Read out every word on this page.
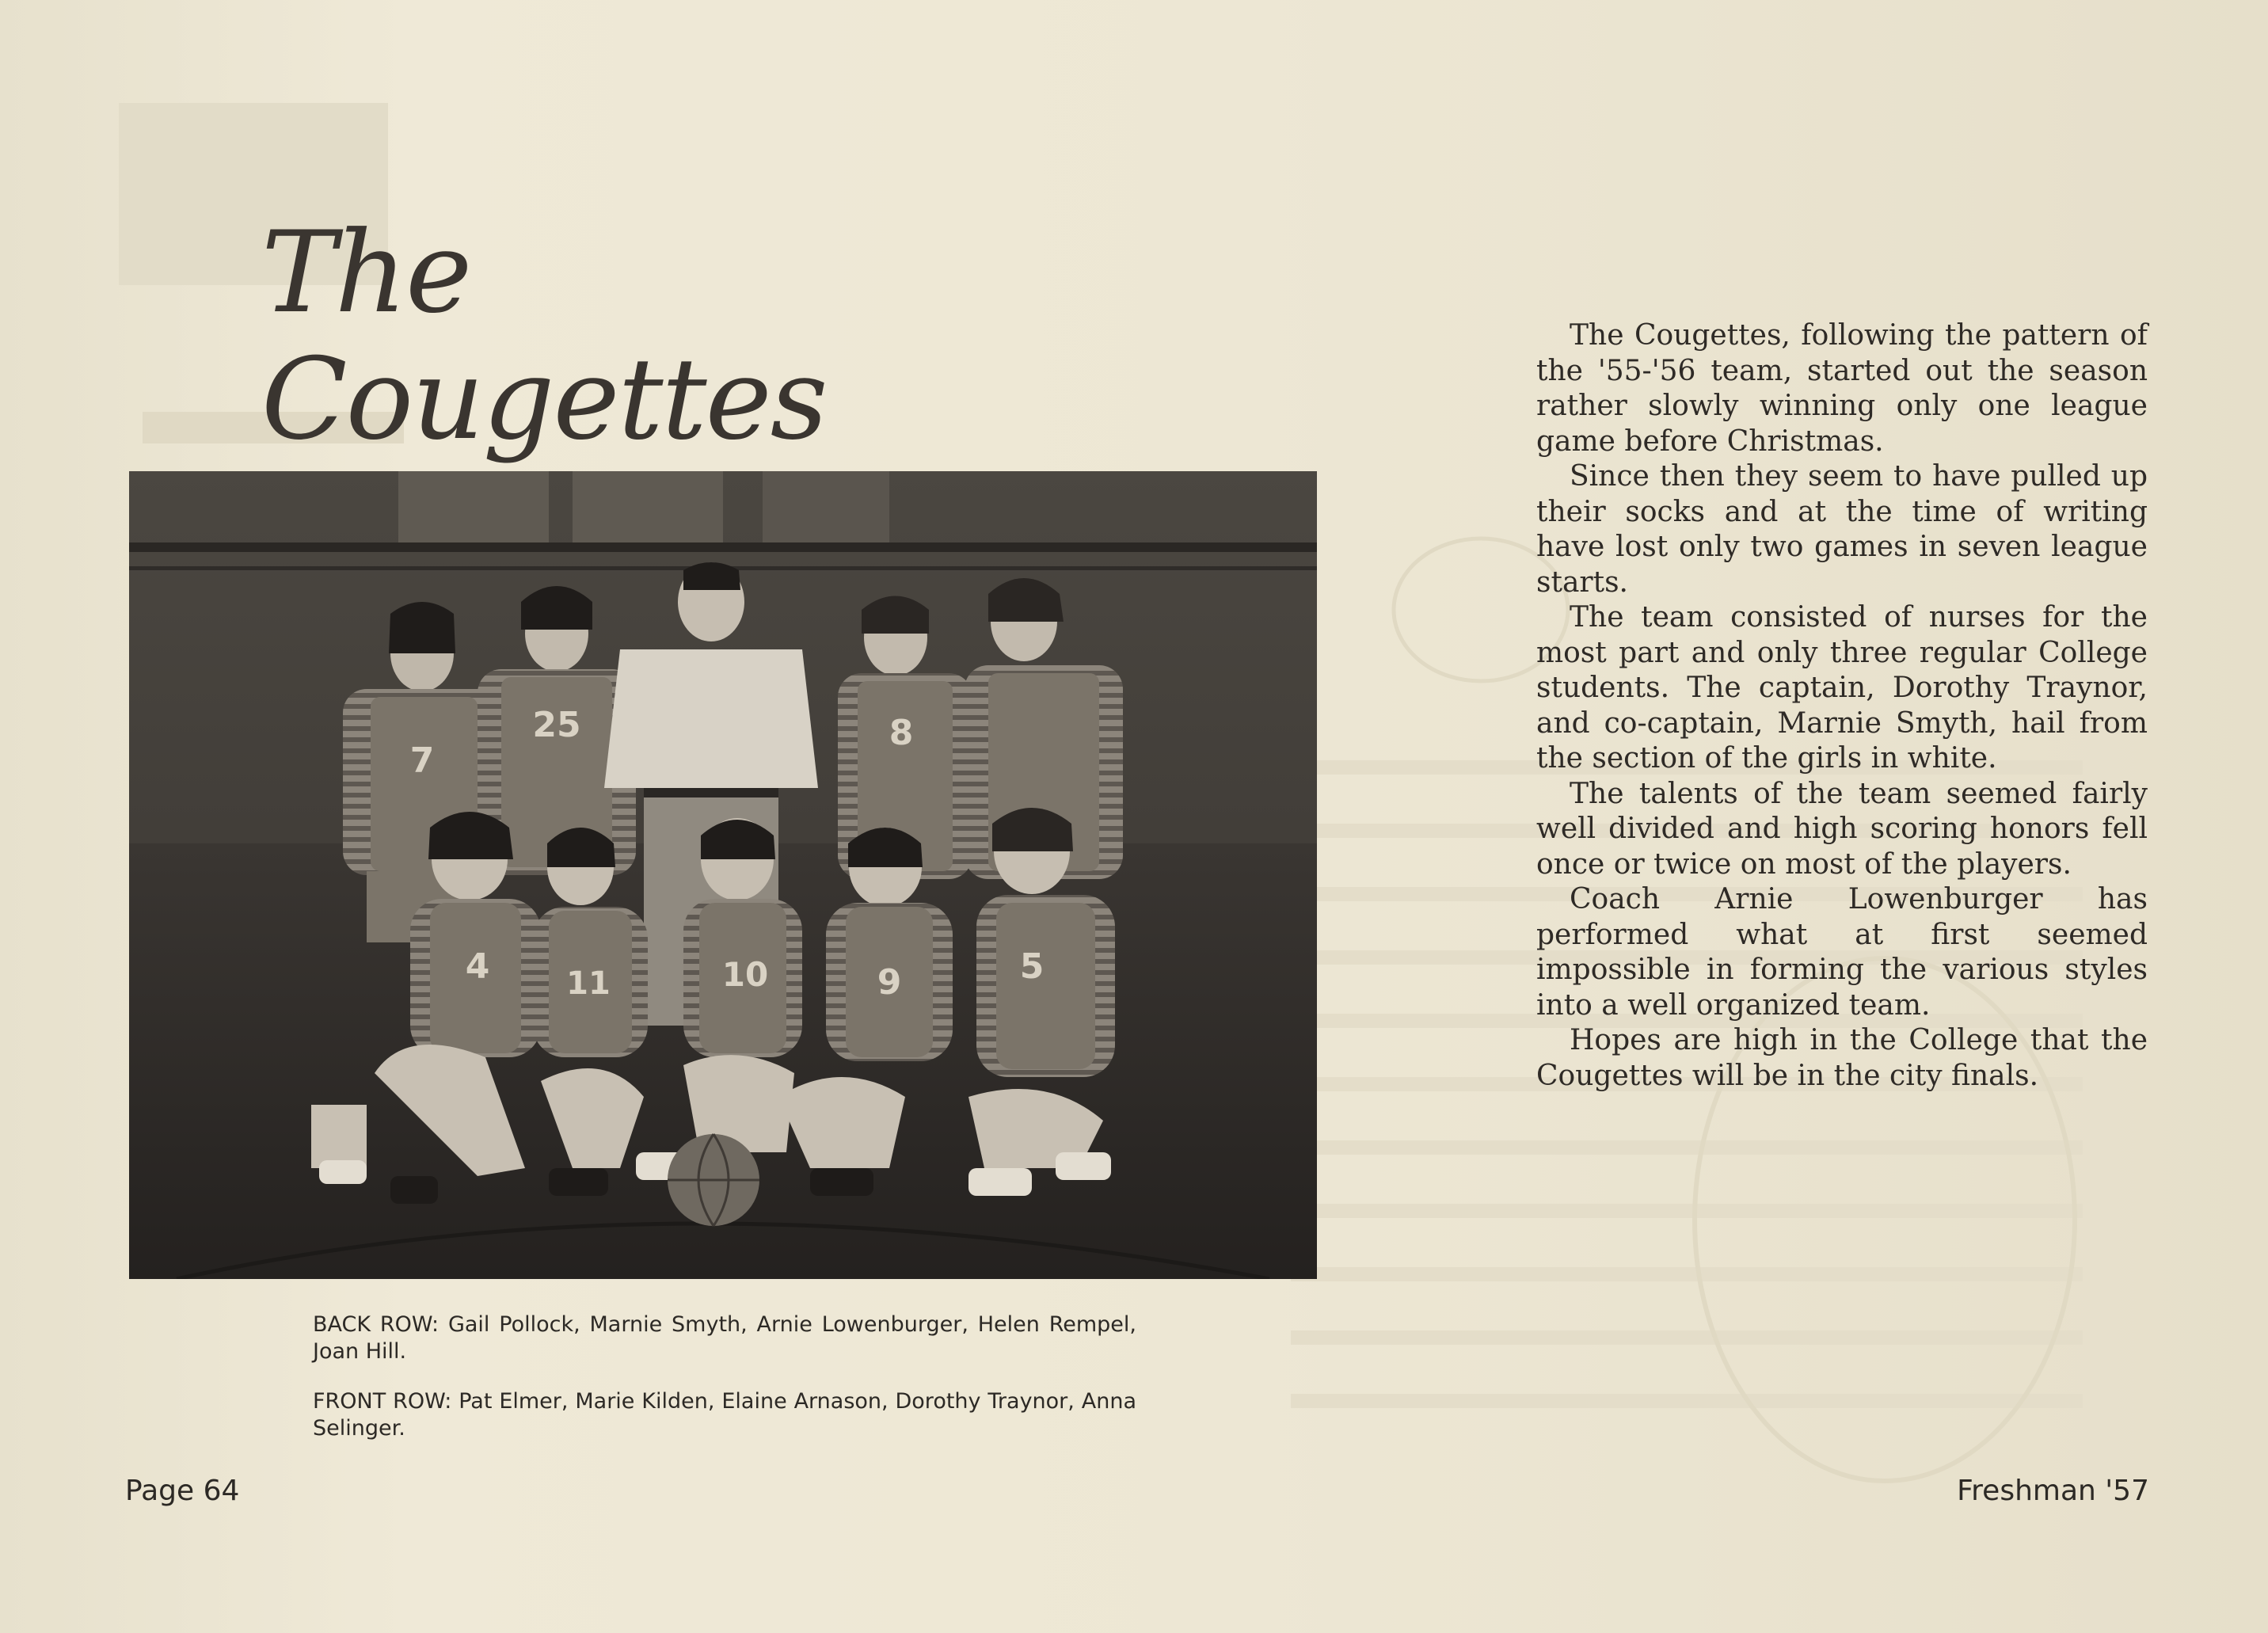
The Cougettes
7
25	8
4 11	10	9	5
BACK ROW: Gail Pollock, Marnie Smyth, Arnie Lowenburger, Helen Rempel, Joan Hill.
FRONT ROW: Pat Elmer, Marie Kilden, Elaine Arnason, Dorothy Traynor, Anna Selinger.

The Cougettes, following the pattern of the '55-'56 team, started out the season rather slowly winning only one league game before Christmas.

Since then they seem to have pulled up their socks and at the time of writing have lost only two games in seven league starts.

The team consisted of nurses for the most part and only three regular College students. The captain, Dorothy Traynor, and co-captain, Marnie Smyth, hail from the section of the girls in white.

The talents of the team seemed fairly well divided and high scoring honors fell once or twice on most of the players.

Coach Arnie Lowenburger has performed what at first seemed impossible in forming the various styles into a well organized team.

Hopes are high in the College that the Cougettes will be in the city finals.

Page 64	Freshman '57
